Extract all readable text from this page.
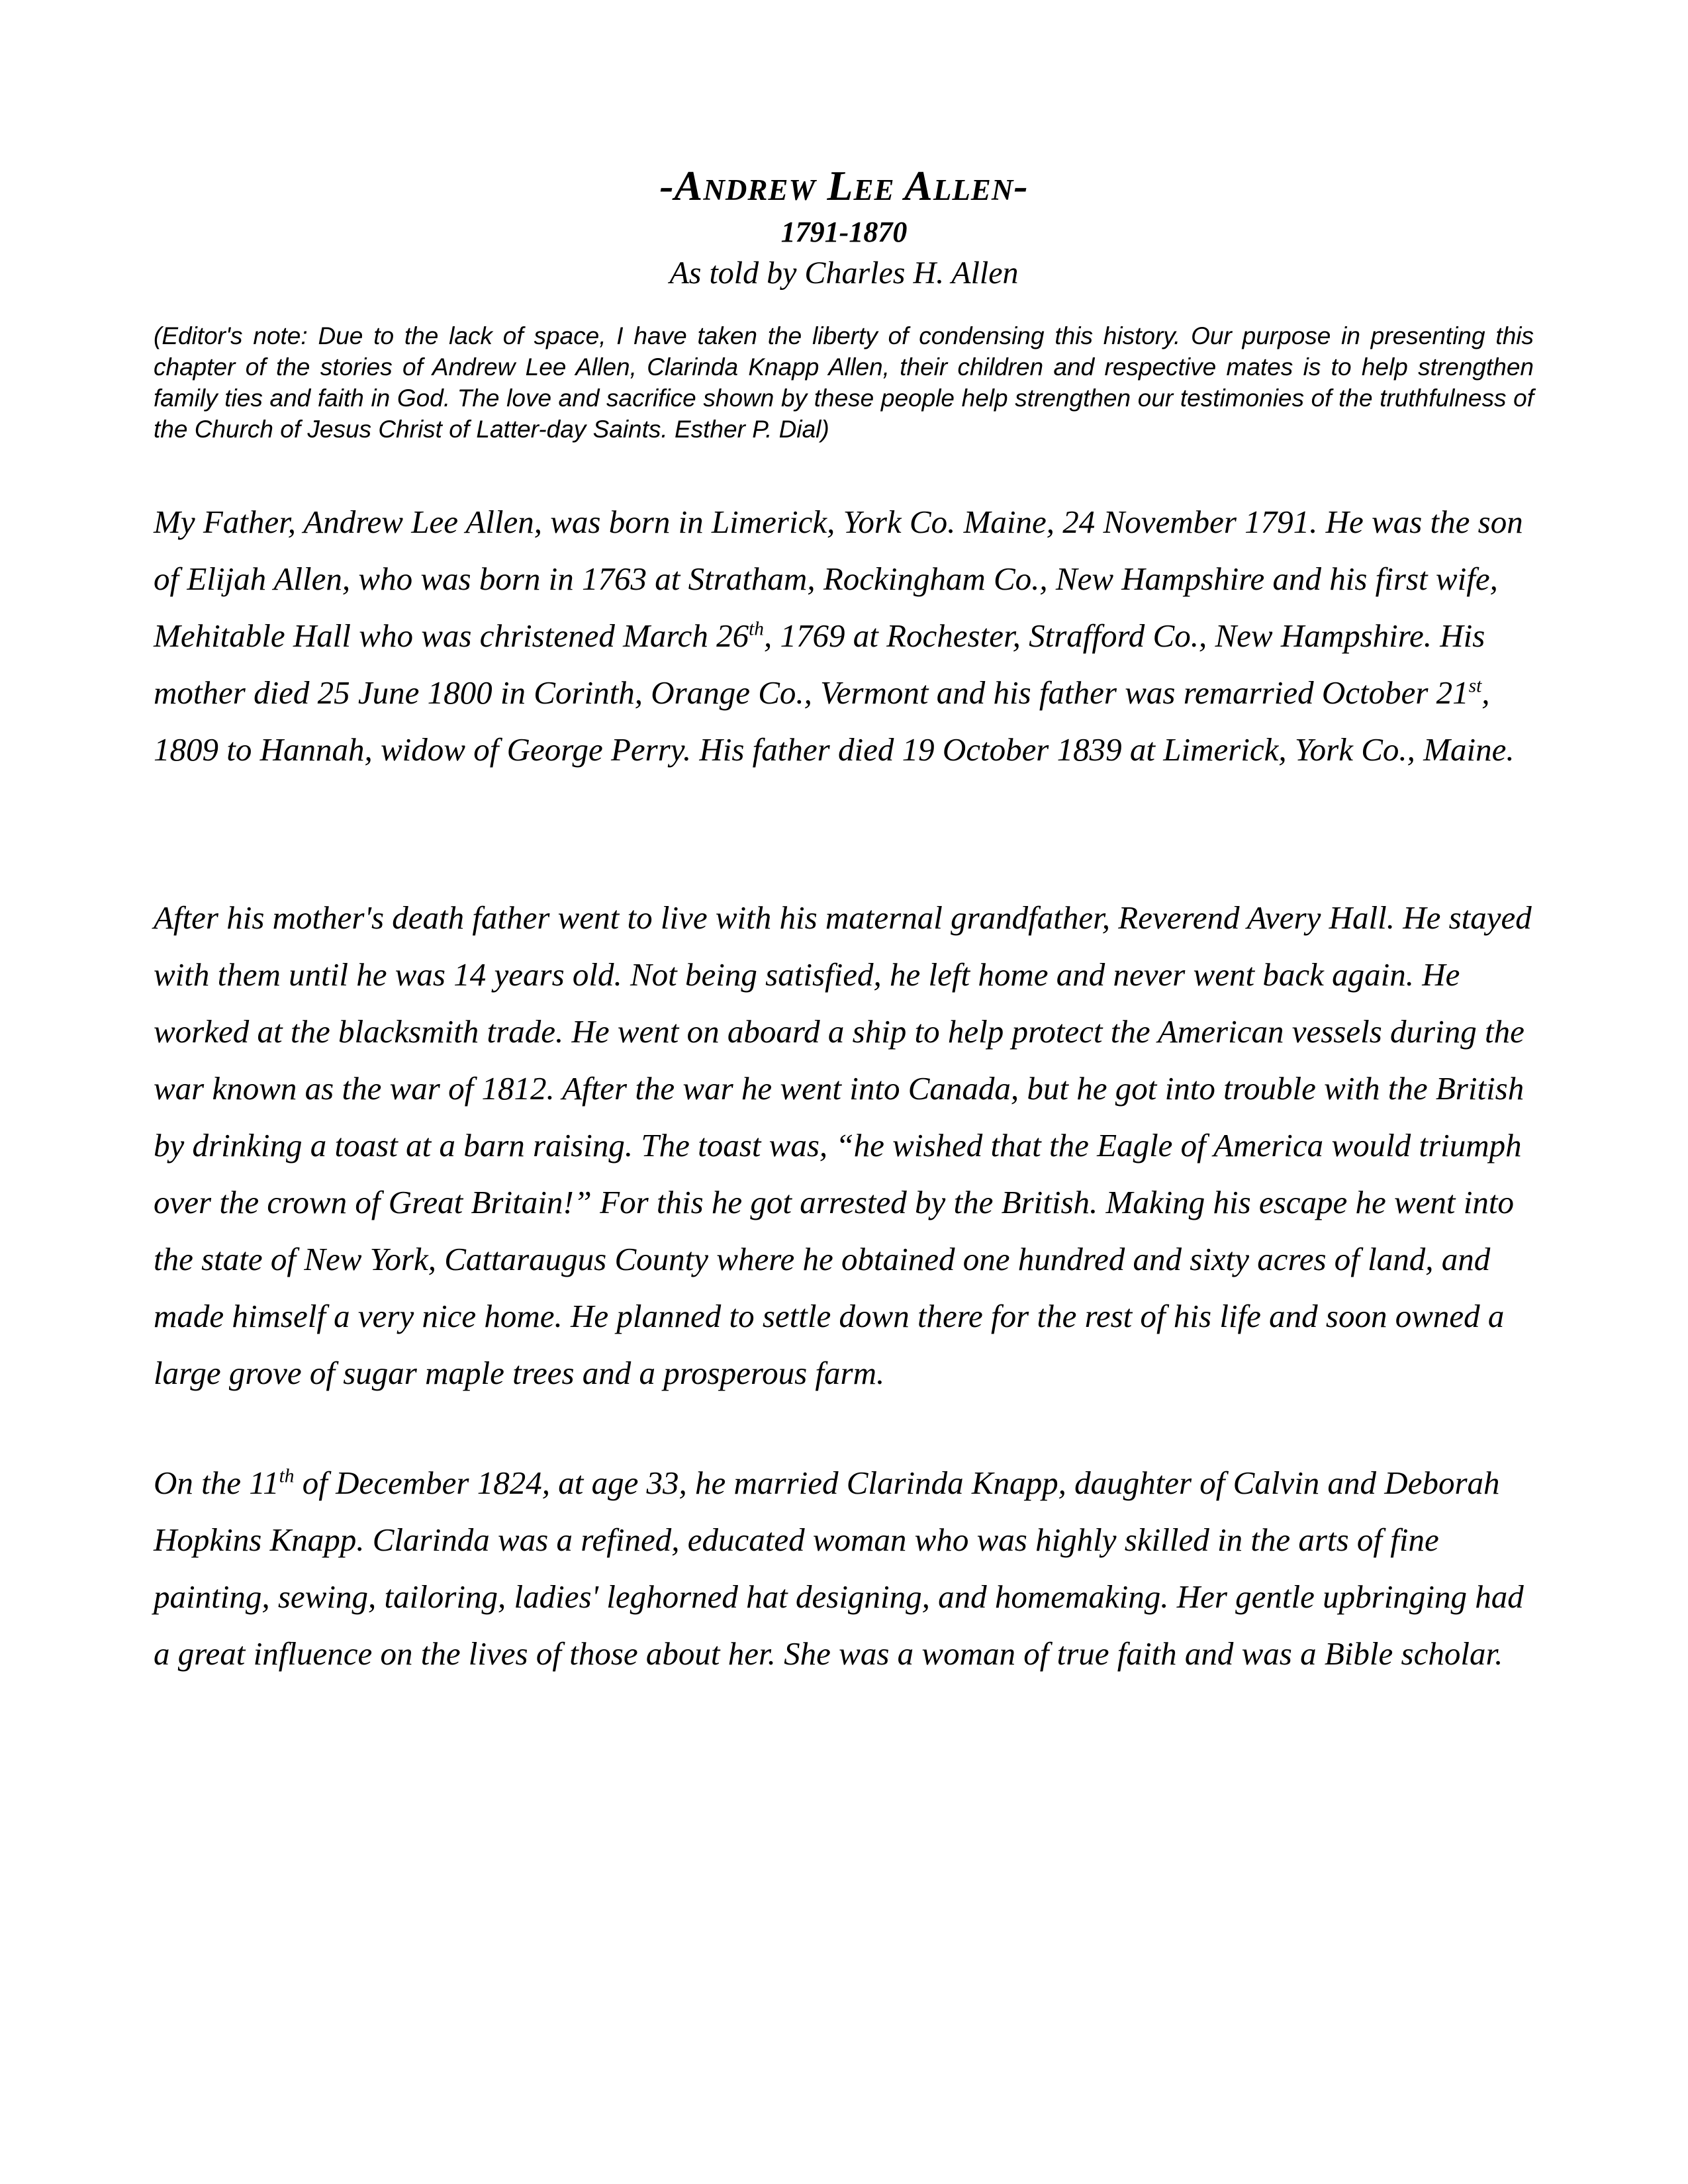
-Andrew Lee Allen-

1791-1870

As told by Charles H. Allen

(Editor's note: Due to the lack of space, I have taken the liberty of condensing this history. Our purpose in presenting this chapter of the stories of Andrew Lee Allen, Clarinda Knapp Allen, their children and respective mates is to help strengthen family ties and faith in God. The love and sacrifice shown by these people help strengthen our testimonies of the truthfulness of the Church of Jesus Christ of Latter-day Saints. Esther P. Dial)

My Father, Andrew Lee Allen, was born in Limerick, York Co. Maine, 24 November 1791. He was the son of Elijah Allen, who was born in 1763 at Stratham, Rockingham Co., New Hampshire and his first wife, Mehitable Hall who was christened March 26th, 1769 at Rochester, Strafford Co., New Hampshire. His mother died 25 June 1800 in Corinth, Orange Co., Vermont and his father was remarried October 21st, 1809 to Hannah, widow of George Perry. His father died 19 October 1839 at Limerick, York Co., Maine.

After his mother's death father went to live with his maternal grandfather, Reverend Avery Hall. He stayed with them until he was 14 years old. Not being satisfied, he left home and never went back again. He worked at the blacksmith trade. He went on aboard a ship to help protect the American vessels during the war known as the war of 1812. After the war he went into Canada, but he got into trouble with the British by drinking a toast at a barn raising. The toast was, “he wished that the Eagle of America would triumph over the crown of Great Britain!” For this he got arrested by the British. Making his escape he went into the state of New York, Cattaraugus County where he obtained one hundred and sixty acres of land, and made himself a very nice home. He planned to settle down there for the rest of his life and soon owned a large grove of sugar maple trees and a prosperous farm.

On the 11th of December 1824, at age 33, he married Clarinda Knapp, daughter of Calvin and Deborah Hopkins Knapp. Clarinda was a refined, educated woman who was highly skilled in the arts of fine painting, sewing, tailoring, ladies' leghorned hat designing, and homemaking. Her gentle upbringing had a great influence on the lives of those about her. She was a woman of true faith and was a Bible scholar.
